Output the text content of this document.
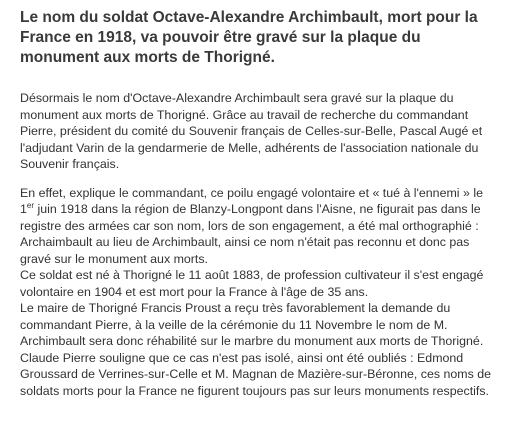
Le nom du soldat Octave-Alexandre Archimbault, mort pour la France en 1918, va pouvoir être gravé sur la plaque du monument aux morts de Thorigné.

Désormais le nom d'Octave-Alexandre Archimbault sera gravé sur la plaque du monument aux morts de Thorigné. Grâce au travail de recherche du commandant Pierre, président du comité du Souvenir français de Celles-sur-Belle, Pascal Augé et l'adjudant Varin de la gendarmerie de Melle, adhérents de l'association nationale du Souvenir français.

En effet, explique le commandant, ce poilu engagé volontaire et « tué à l'ennemi » le 1er juin 1918 dans la région de Blanzy-Longpont dans l'Aisne, ne figurait pas dans le registre des armées car son nom, lors de son engagement, a été mal orthographié : Archaimbault au lieu de Archimbault, ainsi ce nom n'était pas reconnu et donc pas gravé sur le monument aux morts.

Ce soldat est né à Thorigné le 11 août 1883, de profession cultivateur il s'est engagé volontaire en 1904 et est mort pour la France à l'âge de 35 ans.

Le maire de Thorigné Francis Proust a reçu très favorablement la demande du commandant Pierre, à la veille de la cérémonie du 11 Novembre le nom de M. Archimbault sera donc réhabilité sur le marbre du monument aux morts de Thorigné. Claude Pierre souligne que ce cas n'est pas isolé, ainsi ont été oubliés : Edmond Groussard de Verrines-sur-Celle et M. Magnan de Mazière-sur-Béronne, ces noms de soldats morts pour la France ne figurent toujours pas sur leurs monuments respectifs.
